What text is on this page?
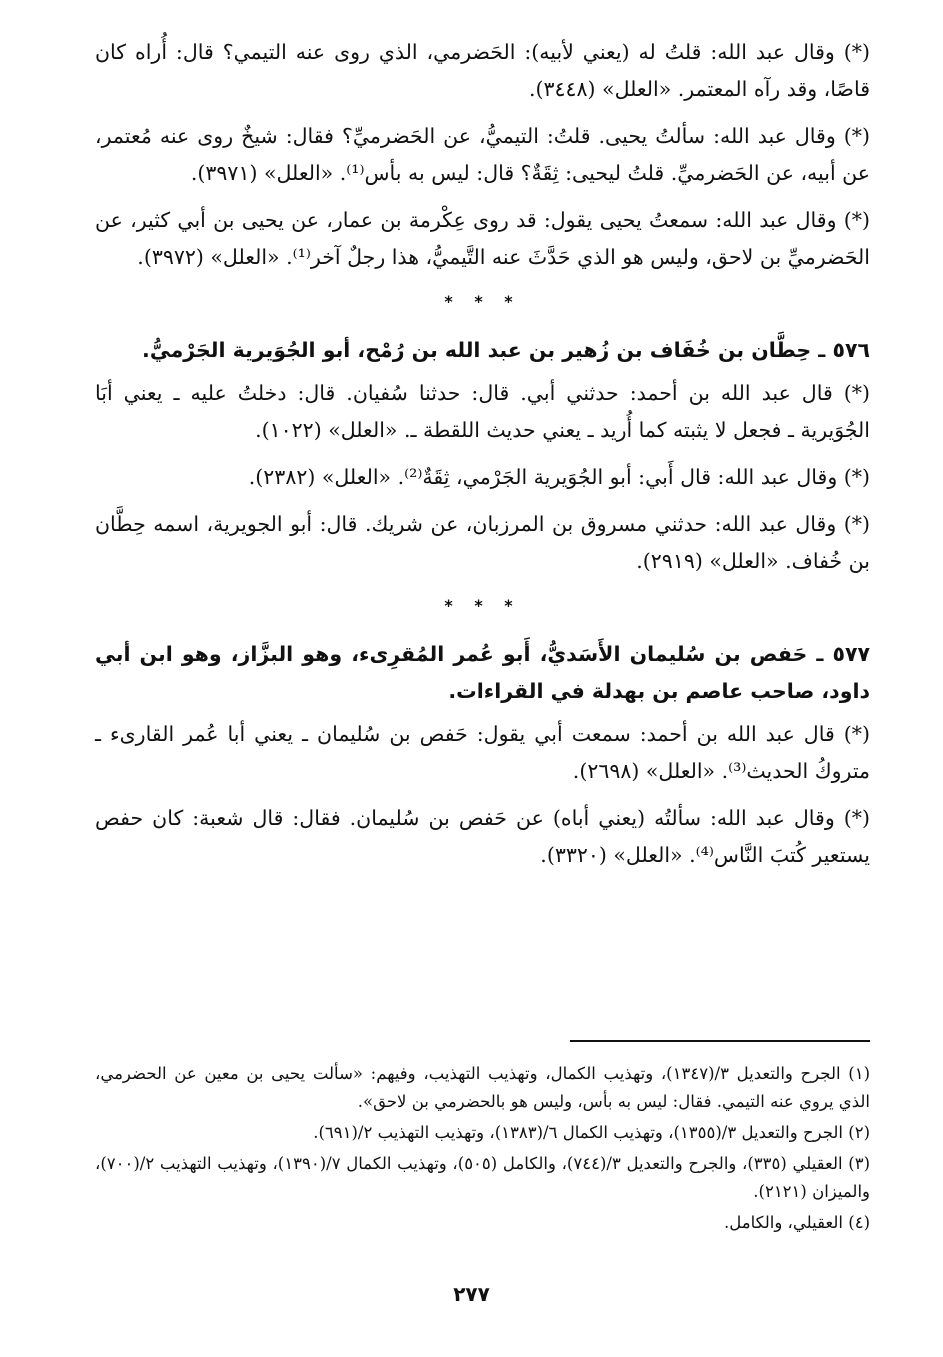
(*) وقال عبد الله: قلتُ له (يعني لأبيه): الحَضرمي، الذي روى عنه التيمي؟ قال: أُراه كان قاصًا، وقد رآه المعتمر. «العلل» (٣٤٤٨).

(*) وقال عبد الله: سألتُ يحيى. قلتُ: التيميُّ، عن الحَضرميِّ؟ فقال: شيخٌ روى عنه مُعتمر، عن أبيه، عن الحَضرميِّ. قلتُ ليحيى: ثِقَةٌ؟ قال: ليس به بأس⁽¹⁾. «العلل» (٣٩٧١).

(*) وقال عبد الله: سمعتُ يحيى يقول: قد روى عِكْرمة بن عمار، عن يحيى بن أبي كثير، عن الحَضرميِّ بن لاحق، وليس هو الذي حَدَّثَ عنه التَّيميُّ، هذا رجلٌ آخر⁽¹⁾. «العلل» (٣٩٧٢).

* * *

٥٧٦ ـ حِطَّان بن خُفَاف بن زُهير بن عبد الله بن رُمْح، أبو الجُوَيرية الجَرْميُّ.

(*) قال عبد الله بن أحمد: حدثني أبي. قال: حدثنا سُفيان. قال: دخلتُ عليه ـ يعني أبَا الجُوَيرية ـ فجعل لا يثبته كما أُريد ـ يعني حديث اللقطة ـ. «العلل» (١٠٢٢).

(*) وقال عبد الله: قال أَبي: أبو الجُوَيرية الجَرْمي، ثِقَةٌ⁽²⁾. «العلل» (٢٣٨٢).

(*) وقال عبد الله: حدثني مسروق بن المرزبان، عن شريك. قال: أبو الجويرية، اسمه حِطَّان بن خُفاف. «العلل» (٢٩١٩).

* * *

٥٧٧ ـ حَفص بن سُليمان الأَسَديُّ، أَبو عُمر المُقرِىء، وهو البزَّاز، وهو ابن أبي داود، صاحب عاصم بن بهدلة في القراءات.

(*) قال عبد الله بن أحمد: سمعت أبي يقول: حَفص بن سُليمان ـ يعني أبا عُمر القارىء ـ متروكُ الحديث⁽³⁾. «العلل» (٢٦٩٨).

(*) وقال عبد الله: سألتُه (يعني أباه) عن حَفص بن سُليمان. فقال: قال شعبة: كان حفص يستعير كُتبَ النَّاس⁽⁴⁾. «العلل» (٣٣٢٠).

(١) الجرح والتعديل ٣/(١٣٤٧)، وتهذيب الكمال، وتهذيب التهذيب، وفيهم: «سألت يحيى بن معين عن الحضرمي، الذي يروي عنه التيمي. فقال: ليس به بأس، وليس هو بالحضرمي بن لاحق».

(٢) الجرح والتعديل ٣/(١٣٥٥)، وتهذيب الكمال ٦/(١٣٨٣)، وتهذيب التهذيب ٢/(٦٩١).

(٣) العقيلي (٣٣٥)، والجرح والتعديل ٣/(٧٤٤)، والكامل (٥٠٥)، وتهذيب الكمال ٧/(١٣٩٠)، وتهذيب التهذيب ٢/(٧٠٠)، والميزان (٢١٢١).

(٤) العقيلي، والكامل.

٢٧٧
